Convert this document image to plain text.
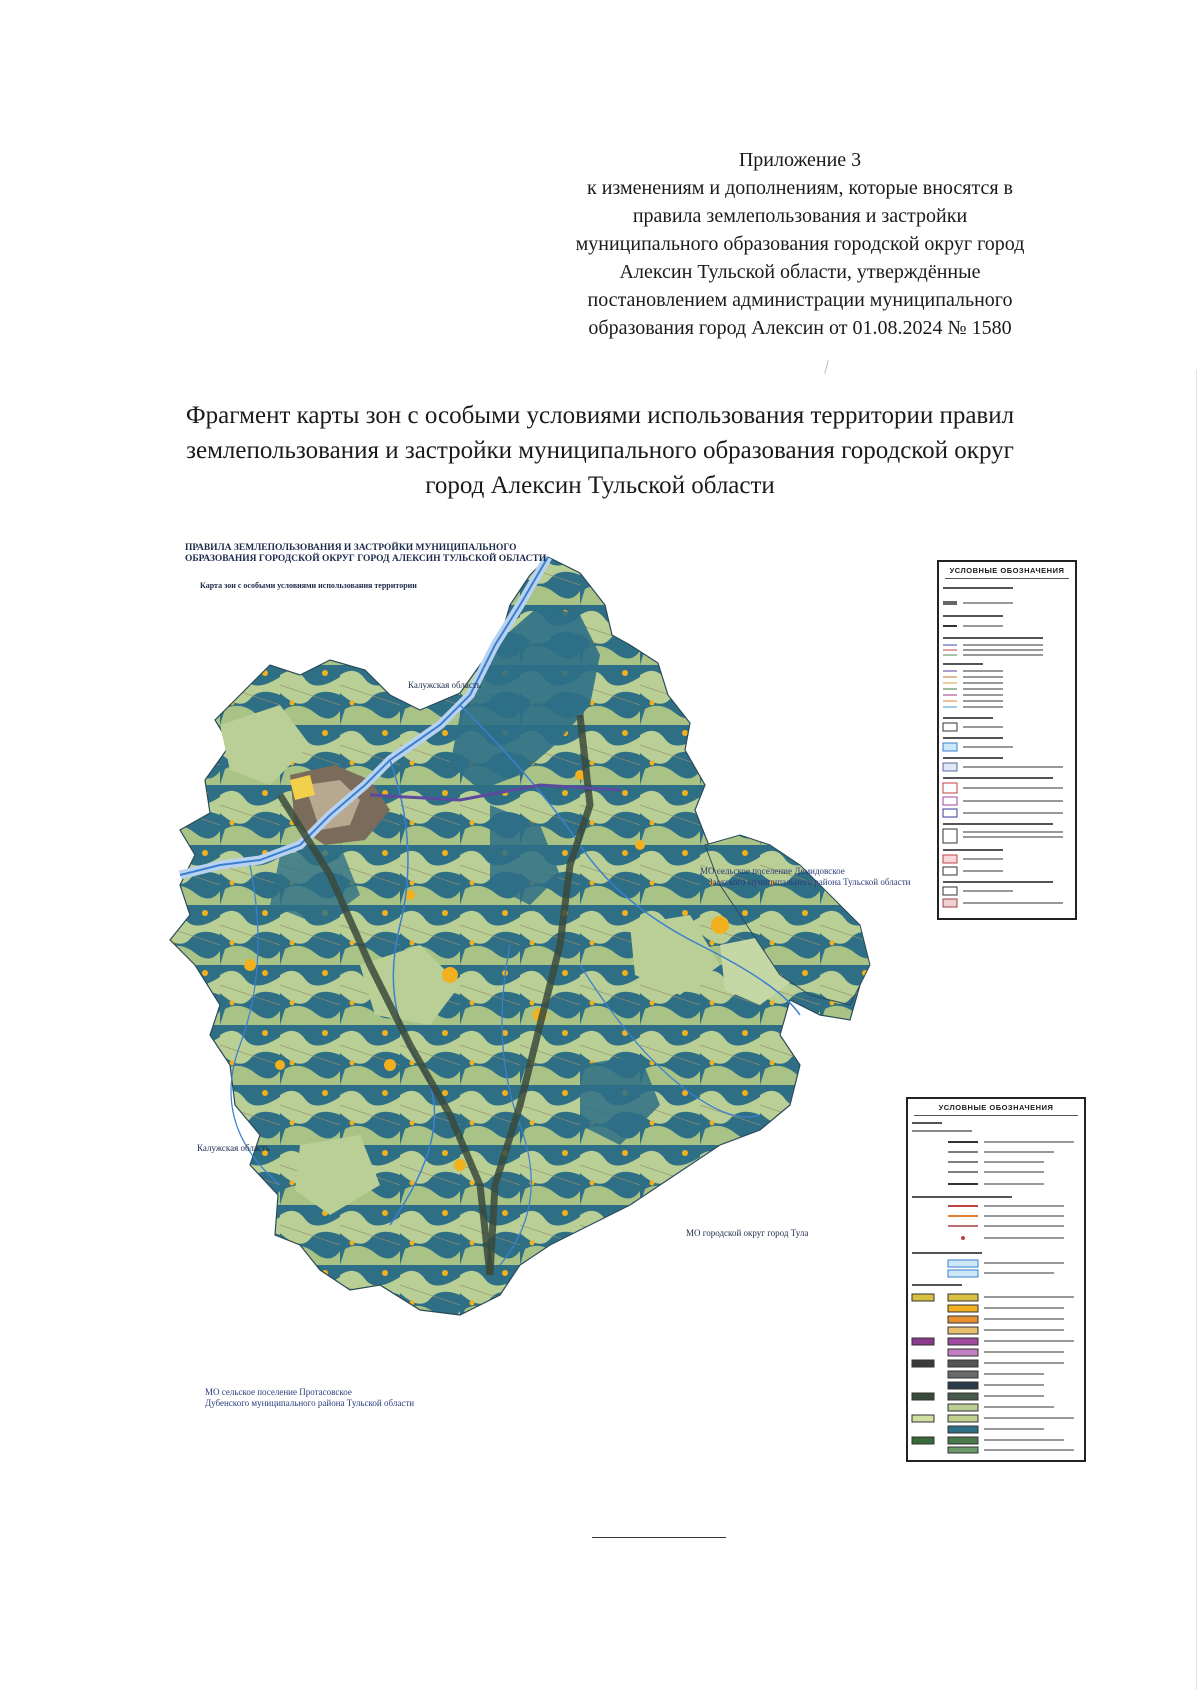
Приложение 3
к изменениям и дополнениям, которые вносятся в
правила землепользования и застройки
муниципального образования городской округ город
Алексин Тульской области, утверждённые
постановлением администрации муниципального
образования город Алексин от 01.08.2024 № 1580
Фрагмент карты зон с особыми условиями использования территории правил
землепользования и застройки муниципального образования городской округ
город Алексин Тульской области
ПРАВИЛА ЗЕМЛЕПОЛЬЗОВАНИЯ И ЗАСТРОЙКИ МУНИЦИПАЛЬНОГО
ОБРАЗОВАНИЯ ГОРОДСКОЙ ОКРУГ ГОРОД АЛЕКСИН ТУЛЬСКОЙ ОБЛАСТИ
Карта зон с особыми условиями использования территории
Калужская область
Калужская область
МО сельское поселение Демидовское
Заокского муниципального района Тульской области
МО городской округ город Тула
МО сельское поселение Протасовское
Дубенского муниципального района Тульской области
УСЛОВНЫЕ ОБОЗНАЧЕНИЯ
УСЛОВНЫЕ ОБОЗНАЧЕНИЯ
